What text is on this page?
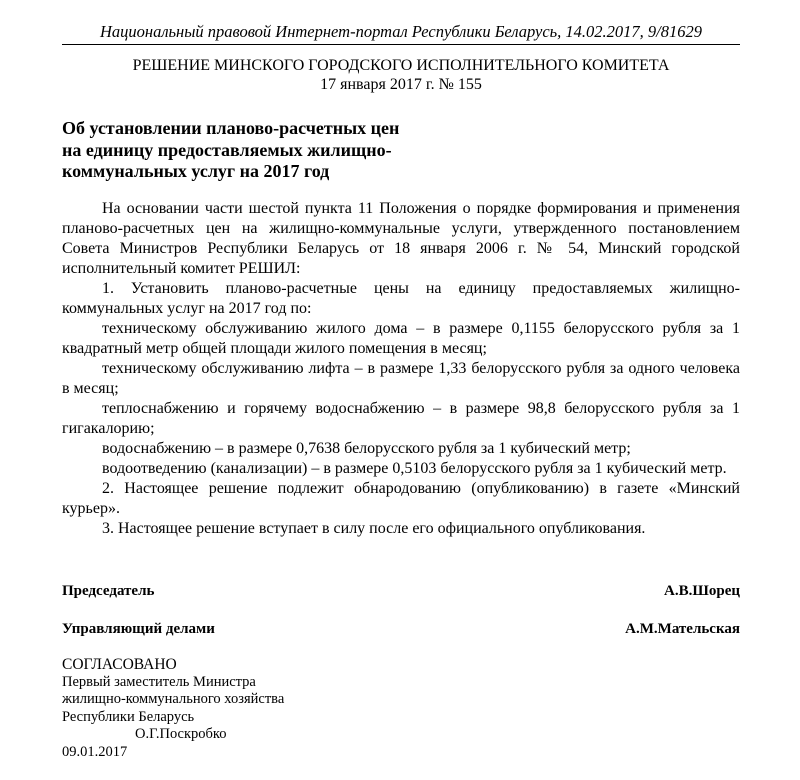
Национальный правовой Интернет-портал Республики Беларусь, 14.02.2017, 9/81629
РЕШЕНИЕ МИНСКОГО ГОРОДСКОГО ИСПОЛНИТЕЛЬНОГО КОМИТЕТА
17 января 2017 г. № 155
Об установлении планово-расчетных цен
на единицу предоставляемых жилищно-
коммунальных услуг на 2017 год

На основании части шестой пункта 11 Положения о порядке формирования и применения планово-расчетных цен на жилищно-коммунальные услуги, утвержденного постановлением Совета Министров Республики Беларусь от 18 января 2006 г. № 54, Минский городской исполнительный комитет РЕШИЛ:

1. Установить планово-расчетные цены на единицу предоставляемых жилищно-коммунальных услуг на 2017 год по:

техническому обслуживанию жилого дома – в размере 0,1155 белорусского рубля за 1 квадратный метр общей площади жилого помещения в месяц;

техническому обслуживанию лифта – в размере 1,33 белорусского рубля за одного человека в месяц;

теплоснабжению и горячему водоснабжению – в размере 98,8 белорусского рубля за 1 гигакалорию;

водоснабжению – в размере 0,7638 белорусского рубля за 1 кубический метр;

водоотведению (канализации) – в размере 0,5103 белорусского рубля за 1 кубический метр.

2. Настоящее решение подлежит обнародованию (опубликованию) в газете «Минский курьер».

3. Настоящее решение вступает в силу после его официального опубликования.

Председатель	А.В.Шорец
Управляющий делами	А.М.Мательская
СОГЛАСОВАНО
Первый заместитель Министра
жилищно-коммунального хозяйства
Республики Беларусь
О.Г.Поскробко
09.01.2017
